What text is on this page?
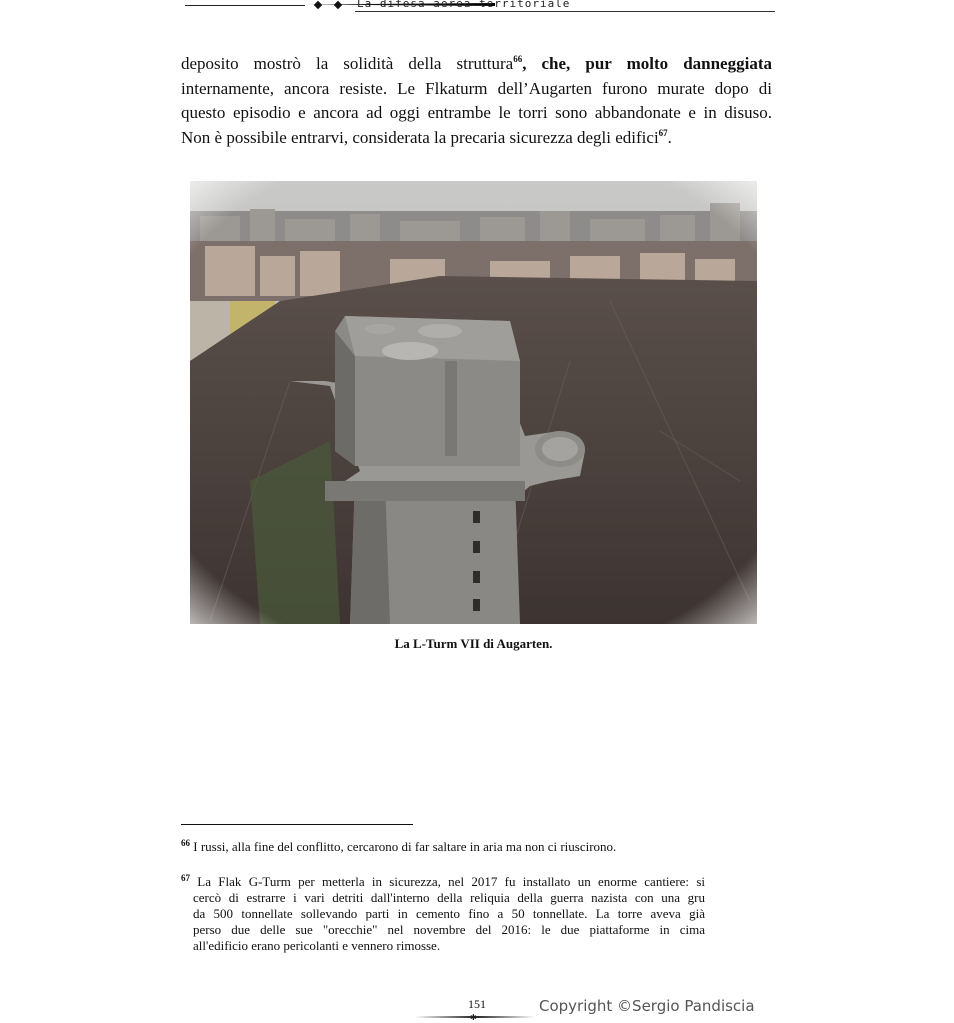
La difesa aerea territoriale
deposito mostrò la solidità della struttura$^{66}$, che, pur molto danneggiata
internamente, ancora resiste. Le Flkaturm dell’Augarten furono murate dopo di
questo episodio e ancora ad oggi entrambe le torri sono abbandonate e in disuso.
Non è possibile entrarvi, considerata la precaria sicurezza degli edifici$^{67}$.
La L-Turm VII di Augarten.
$^{66}$ I russi, alla fine del conflitto, cercarono di far saltare in aria ma non ci riuscirono.
$^{67}$ La Flak G-Turm per metterla in sicurezza, nel 2017 fu installato un enorme cantiere: si
cercò di estrarre i vari detriti dall'interno della reliquia della guerra nazista con una gru
da 500 tonnellate sollevando parti in cemento fino a 50 tonnellate. La torre aveva già
perso due delle sue "orecchie" nel novembre del 2016: le due piattaforme in cima
all'edificio erano pericolanti e vennero rimosse.
151
✱
Copyright ©Sergio Pandiscia
